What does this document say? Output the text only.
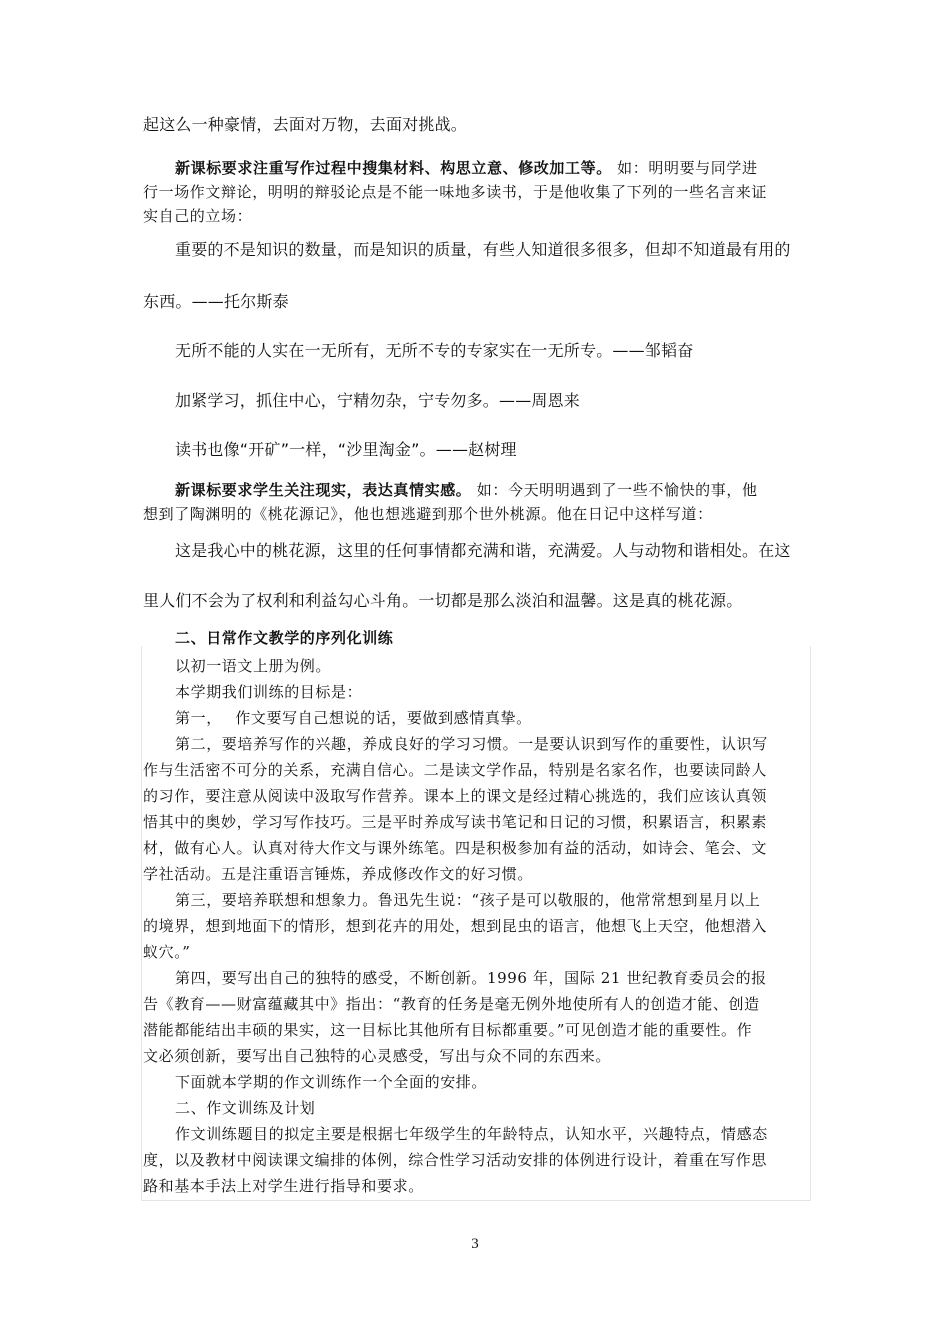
起这么一种豪情，去面对万物，去面对挑战。
新课标要求注重写作过程中搜集材料、构思立意、修改加工等。 如：明明要与同学进
行一场作文辩论，明明的辩驳论点是不能一味地多读书，于是他收集了下列的一些名言来证
实自己的立场：
重要的不是知识的数量，而是知识的质量，有些人知道很多很多，但却不知道最有用的
东西。——托尔斯泰
无所不能的人实在一无所有，无所不专的专家实在一无所专。——邹韬奋
加紧学习，抓住中心，宁精勿杂，宁专勿多。——周恩来
读书也像“开矿”一样，“沙里淘金”。——赵树理
新课标要求学生关注现实，表达真情实感。 如：今天明明遇到了一些不愉快的事，他
想到了陶渊明的《桃花源记》，他也想逃避到那个世外桃源。他在日记中这样写道：
这是我心中的桃花源，这里的任何事情都充满和谐，充满爱。人与动物和谐相处。在这
里人们不会为了权利和利益勾心斗角。一切都是那么淡泊和温馨。这是真的桃花源。
二、日常作文教学的序列化训练
以初一语文上册为例。
本学期我们训练的目标是：
第一，　 作文要写自己想说的话，要做到感情真挚。
第二，要培养写作的兴趣，养成良好的学习习惯。一是要认识到写作的重要性，认识写
作与生活密不可分的关系，充满自信心。二是读文学作品，特别是名家名作，也要读同龄人
的习作，要注意从阅读中汲取写作营养。课本上的课文是经过精心挑选的，我们应该认真领
悟其中的奥妙，学习写作技巧。三是平时养成写读书笔记和日记的习惯，积累语言，积累素
材，做有心人。认真对待大作文与课外练笔。四是积极参加有益的活动，如诗会、笔会、文
学社活动。五是注重语言锤炼，养成修改作文的好习惯。
第三，要培养联想和想象力。鲁迅先生说：“孩子是可以敬服的，他常常想到星月以上
的境界，想到地面下的情形，想到花卉的用处，想到昆虫的语言，他想飞上天空，他想潜入
蚁穴。”
第四，要写出自己的独特的感受，不断创新。1996 年，国际 21 世纪教育委员会的报
告《教育——财富蕴藏其中》指出：“教育的任务是毫无例外地使所有人的创造才能、创造
潜能都能结出丰硕的果实，这一目标比其他所有目标都重要。”可见创造才能的重要性。作
文必须创新，要写出自己独特的心灵感受，写出与众不同的东西来。
下面就本学期的作文训练作一个全面的安排。
二、作文训练及计划
作文训练题目的拟定主要是根据七年级学生的年龄特点，认知水平，兴趣特点，情感态
度，以及教材中阅读课文编排的体例，综合性学习活动安排的体例进行设计，着重在写作思
路和基本手法上对学生进行指导和要求。
3
